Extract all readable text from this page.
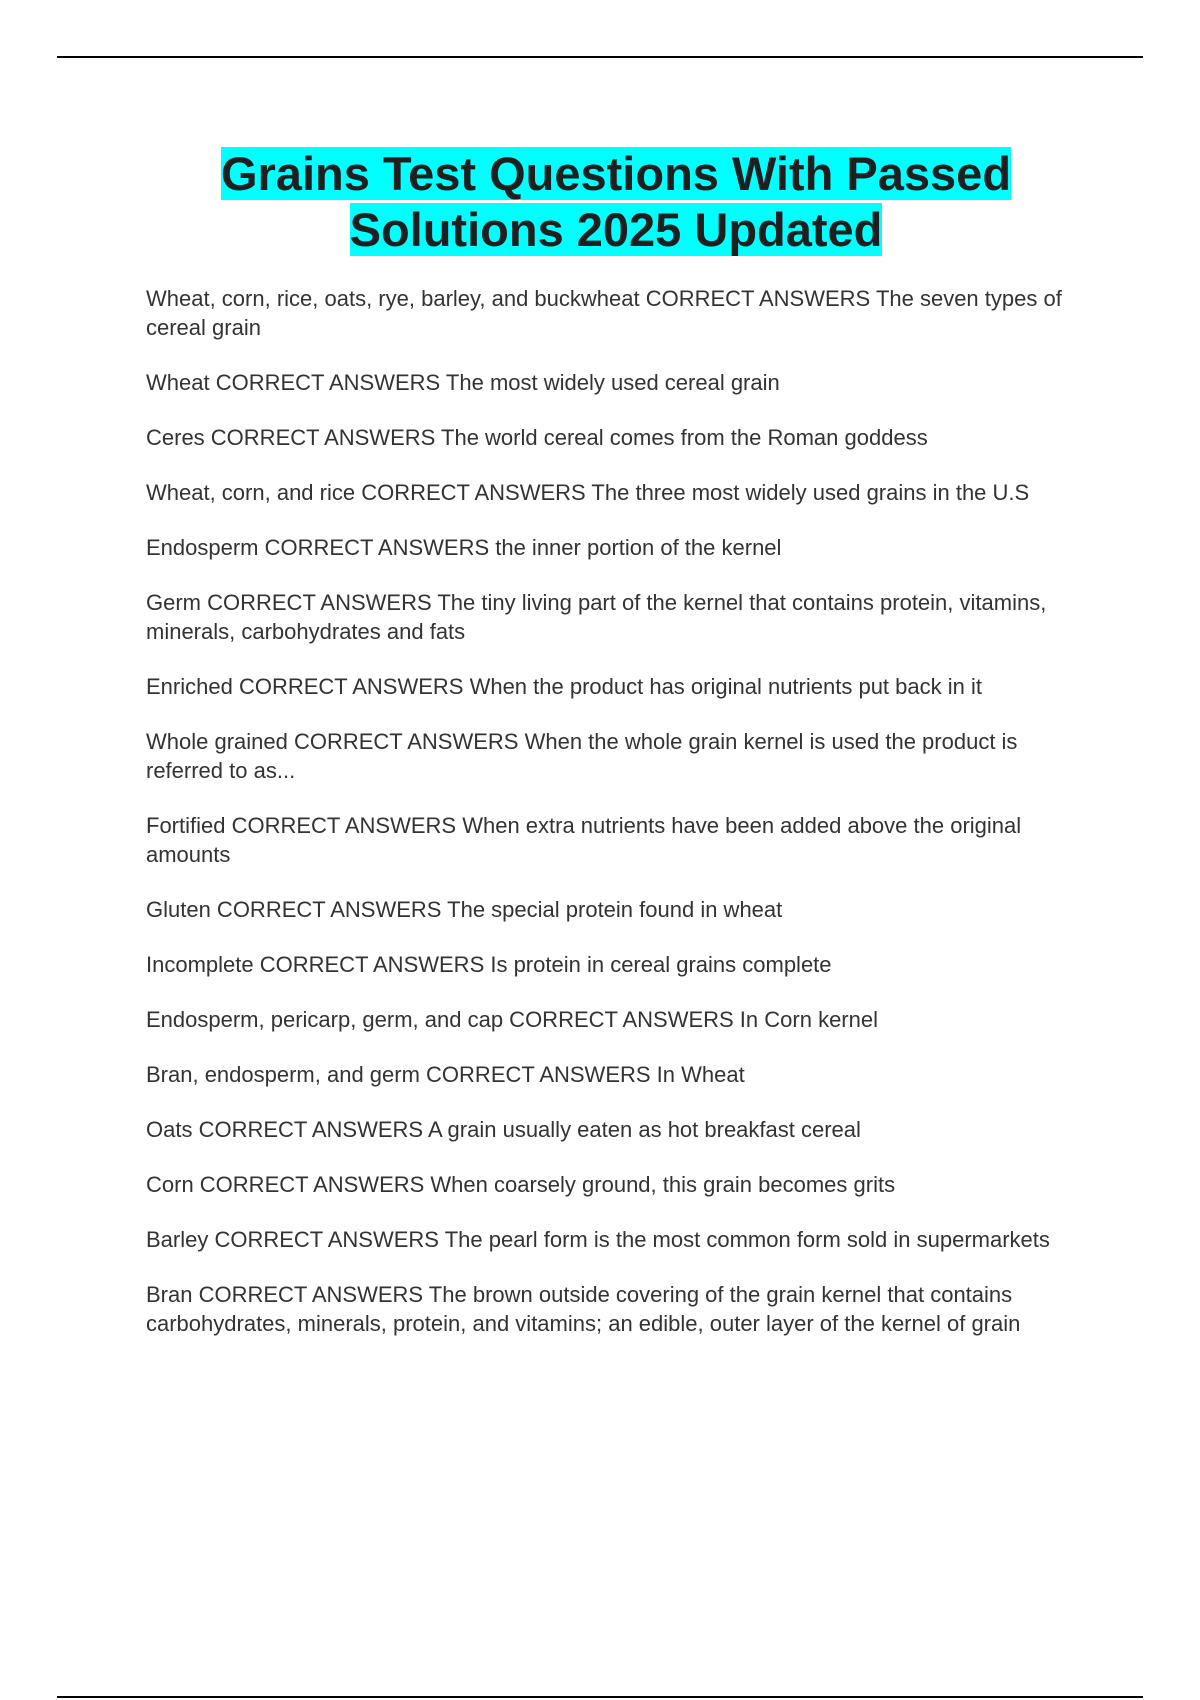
Grains Test Questions With Passed
Solutions 2025 Updated

Wheat, corn, rice, oats, rye, barley, and buckwheat CORRECT ANSWERS The seven types of cereal grain

Wheat CORRECT ANSWERS The most widely used cereal grain

Ceres CORRECT ANSWERS The world cereal comes from the Roman goddess

Wheat, corn, and rice CORRECT ANSWERS The three most widely used grains in the U.S

Endosperm CORRECT ANSWERS the inner portion of the kernel

Germ CORRECT ANSWERS The tiny living part of the kernel that contains protein, vitamins, minerals, carbohydrates and fats

Enriched CORRECT ANSWERS When the product has original nutrients put back in it

Whole grained CORRECT ANSWERS When the whole grain kernel is used the product is referred to as...

Fortified CORRECT ANSWERS When extra nutrients have been added above the original amounts

Gluten CORRECT ANSWERS The special protein found in wheat

Incomplete CORRECT ANSWERS Is protein in cereal grains complete

Endosperm, pericarp, germ, and cap CORRECT ANSWERS In Corn kernel

Bran, endosperm, and germ CORRECT ANSWERS In Wheat

Oats CORRECT ANSWERS A grain usually eaten as hot breakfast cereal

Corn CORRECT ANSWERS When coarsely ground, this grain becomes grits

Barley CORRECT ANSWERS The pearl form is the most common form sold in supermarkets

Bran CORRECT ANSWERS The brown outside covering of the grain kernel that contains carbohydrates, minerals, protein, and vitamins; an edible, outer layer of the kernel of grain
